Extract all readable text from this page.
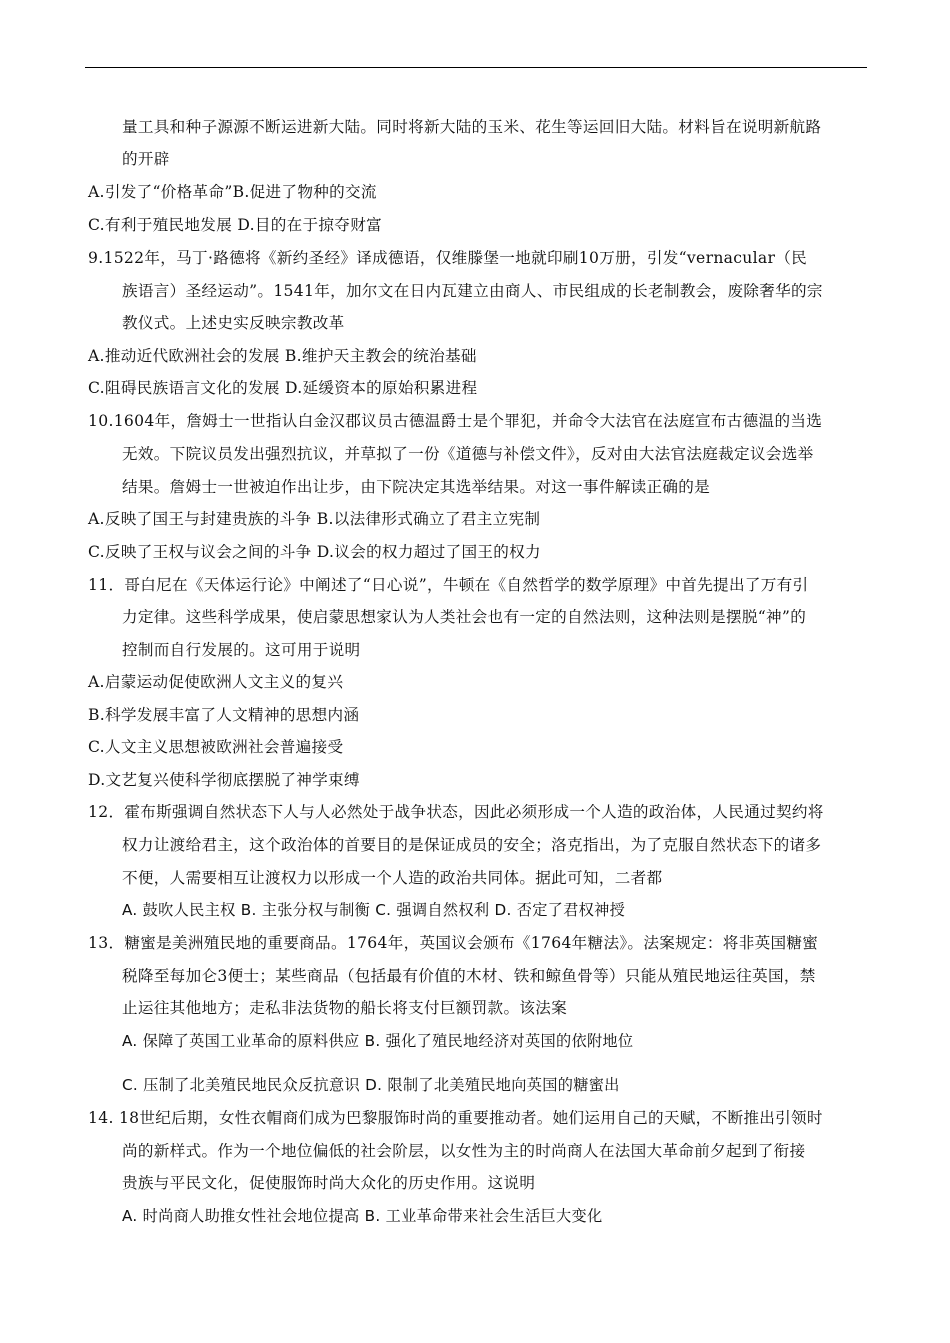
量工具和种子源源不断运进新大陆。同时将新大陆的玉米、花生等运回旧大陆。材料旨在说明新航路
的开辟
A.引发了“价格革命”B.促进了物种的交流
C.有利于殖民地发展 D.目的在于掠夺财富
9.1522年，马丁·路德将《新约圣经》译成德语，仅维滕堡一地就印刷10万册，引发“vernacular（民
族语言）圣经运动”。1541年，加尔文在日内瓦建立由商人、市民组成的长老制教会，废除奢华的宗
教仪式。上述史实反映宗教改革
A.推动近代欧洲社会的发展 B.维护天主教会的统治基础
C.阻碍民族语言文化的发展 D.延缓资本的原始积累进程
10.1604年，詹姆士一世指认白金汉郡议员古德温爵士是个罪犯，并命令大法官在法庭宣布古德温的当选
无效。下院议员发出强烈抗议，并草拟了一份《道德与补偿文件》，反对由大法官法庭裁定议会选举
结果。詹姆士一世被迫作出让步，由下院决定其选举结果。对这一事件解读正确的是
A.反映了国王与封建贵族的斗争 B.以法律形式确立了君主立宪制
C.反映了王权与议会之间的斗争 D.议会的权力超过了国王的权力
11．哥白尼在《天体运行论》中阐述了“日心说”，牛顿在《自然哲学的数学原理》中首先提出了万有引
力定律。这些科学成果，使启蒙思想家认为人类社会也有一定的自然法则，这种法则是摆脱“神”的
控制而自行发展的。这可用于说明
A.启蒙运动促使欧洲人文主义的复兴
B.科学发展丰富了人文精神的思想内涵
C.人文主义思想被欧洲社会普遍接受
D.文艺复兴使科学彻底摆脱了神学束缚
12．霍布斯强调自然状态下人与人必然处于战争状态，因此必须形成一个人造的政治体，人民通过契约将
权力让渡给君主，这个政治体的首要目的是保证成员的安全；洛克指出，为了克服自然状态下的诸多
不便，人需要相互让渡权力以形成一个人造的政治共同体。据此可知，二者都
A. 鼓吹人民主权 B. 主张分权与制衡 C. 强调自然权利 D. 否定了君权神授
13．糖蜜是美洲殖民地的重要商品。1764年，英国议会颁布《1764年糖法》。法案规定：将非英国糖蜜
税降至每加仑3便士；某些商品（包括最有价值的木材、铁和鲸鱼骨等）只能从殖民地运往英国，禁
止运往其他地方；走私非法货物的船长将支付巨额罚款。该法案
A. 保障了英国工业革命的原料供应 B. 强化了殖民地经济对英国的依附地位
C. 压制了北美殖民地民众反抗意识 D. 限制了北美殖民地向英国的糖蜜出
14. 18世纪后期，女性衣帽商们成为巴黎服饰时尚的重要推动者。她们运用自己的天赋，不断推出引领时
尚的新样式。作为一个地位偏低的社会阶层，以女性为主的时尚商人在法国大革命前夕起到了衔接
贵族与平民文化，促使服饰时尚大众化的历史作用。这说明
A. 时尚商人助推女性社会地位提高 B. 工业革命带来社会生活巨大变化
